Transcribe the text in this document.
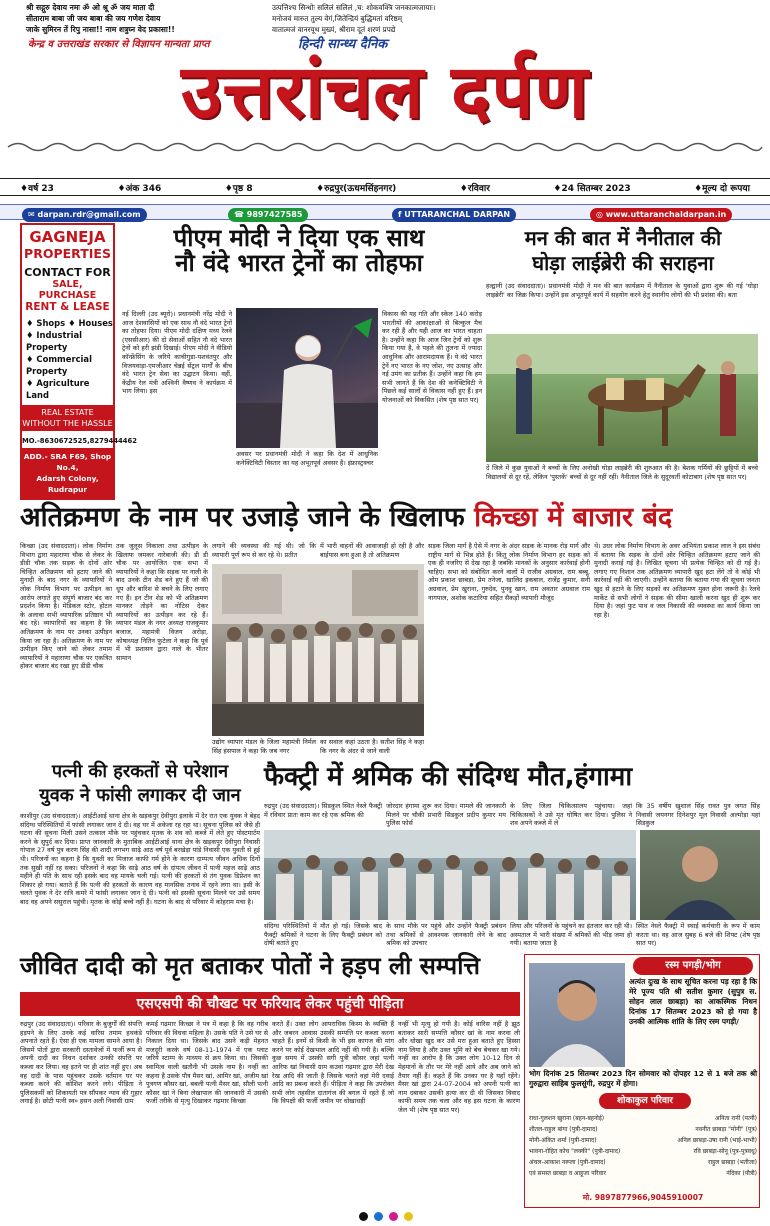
श्री सद्गुरु देवाय नमः ॐ ओ श्रू ॐ जय माता दी
सीताराम बाबा जी जय बाबा की जय गणेश देवाय
जाके सुमिरन तें रिपु नासा!! नाम शत्रुघ्न वेद प्रकासा!!
उत्पत्तिश्च सिन्धोः सलिलं सलिलं ,च: शोकवक्त्रि जनकात्मजायाः।
मनोजवं मारुत तुल्य वेगं,जितेन्द्रियं बुद्धिमतां वरिष्ठम्
वातात्मजं वानरयूथ मुख्यं, श्रीराम दूतं शरणं प्रपद्ये
केन्द्र व उत्तराखंड सरकार से विज्ञापन मान्यता प्राप्त	हिन्दी सान्ध्य दैनिक
उत्तरांचल दर्पण
♦वर्ष 23	♦अंक 346	♦पृष्ठ 8	♦रुद्रपुर(ऊधमसिंहनगर)	♦रविवार	♦24 सितम्बर 2023	♦मूल्य दो रूपया
✉ darpan.rdr@gmail.com	☎ 9897427585	f UTTARANCHAL DARPAN	◎ www.uttaranchaldarpan.in
GAGNEJA
PROPERTIES
CONTACT FOR
SALE, PURCHASE
RENT & LEASE
♦ Shops ♦ Houses
♦ Industrial Property
♦ Commercial Property
♦ Agriculture Land
REAL ESTATE
WITHOUT THE HASSLE
MO.-8630672525,8279444462
ADD.- SRA F69, Shop No.4,
Adarsh Colony, Rudrapur
पीएम मोदी ने दिया एक साथ
नौ वंदे भारत ट्रेनों का तोहफा
नई दिल्ली (उद ब्यूरो)। प्रधानमंत्री नरेंद्र मोदी ने आज देशवासियों को एक साथ नौ वंदे भारत ट्रेनों का तोहफा दिया। पीएम मोदी दक्षिण मध्य रेलवे (एससीआर) की दो सेवाओं सहित नौ वंदे भारत ट्रेनों को हरी झंडी दिखाई। पीएम मोदी ने वीडियो कॉन्फ्रेंसिंग के जरिये काचीगुडा-यशवंतपुर और विजयवाड़ा-एमजीआर चेन्नई सेंट्रल मार्गों के बीच वंदे भारत ट्रेन सेवा का उद्घाटन किया। वहीं, केंद्रीय रेल मंत्री अश्विनी वैष्णव ने कार्यक्रम में भाग लिया। इस
अवसर पर प्रधानमंत्री मोदी ने कहा कि देश में आधुनिक कनेक्टिविटी विस्तार का यह अभूतपूर्व अवसर है। इंफ्रास्ट्रक्चर
विकास की यह गति और स्केल 140 करोड़ भारतीयों की आकांक्षाओं से बिल्कुल मैच कर रही हैं और यही आज का भारत चाहता है। उन्होंने कहा कि आज जिन ट्रेनों को शुरू किया गया है, वे पहले की तुलना में ज्यादा आधुनिक और आरामदायक हैं। ये वंदे भारत ट्रेनें नए भारत के नए जोश, नए उत्साह और नई उमंग का प्रतीक हैं। उन्होंने कहा कि हम सभी जानते हैं कि देश की कनेक्टिविटी ने पिछले कई सालों से विकास नहीं हुए हैं। इन योजनाओं को विकसित (शेष पृष्ठ सात पर)
मन की बात में नैनीताल की
घोड़ा लाईब्रेरी की सराहना
हल्द्वानी (उद संवाददाता)। प्रधानमंत्री मोदी ने मन की बात कार्यक्रम में नैनीताल के युवाओं द्वारा शुरू की गई 'घोड़ा लाइब्रेरी' का जिक्र किया। उन्होंने इस अभूतपूर्व कार्य में सहयोग करने हेतु स्थानीय लोगों की भी प्रशंसा की। बता
दें जिले में कुछ युवाओं ने बच्चों के लिए अनोखी घोड़ा लाइब्रेरी की शुरुआत की है। बेशक गर्मियों की छुट्टियों में बच्चे विद्यालयों से दूर रहें, लेकिन 'पुस्तकें' बच्चों से दूर नहीं रहीं। नैनीताल जिले के सुदूरवर्ती कोटाबाग (शेष पृष्ठ सात पर)
अतिक्रमण के नाम पर उजाड़े जाने के खिलाफ किच्छा में बाजार बंद
किच्छा (उद संवाददाता)। लोक निर्माण विभाग द्वारा महाराणा चौक से लेकर के डीडी चौक तक सड़क के दोनों ओर चिन्हित अतिक्रमण को हटाए जाने की मुनादी के बाद नगर के व्यापारियों ने लोक निर्माण विभाग पर उत्पीड़न का आरोप लगाते हुए संपूर्ण बाजार बंद कर प्रदर्शन किया है। मेडिकल स्टोर, होटल के अलावा सभी व्यापारिक प्रतिष्ठान भी बंद रहे। व्यापारियों का कहना है कि अतिक्रमण के नाम पर उनका उत्पीड़न किया जा रहा है। अतिक्रमण के नाम पर उत्पीड़न किए जाने को लेकर तमाम व्यापारियों ने महाराणा चौक पर एकत्रित होकर बाजार बंद रखा हुए डीडी चौक
तक जुलूस निकाला तथा उत्पीड़न के खिलाफ जमकर नारेबाजी की। डी डी चौक पर आयोजित एक सभा में व्यापारियों ने कहा कि सड़क पर नाली के बाद उनके टीन शेड बने हुए हैं जो की धूप और बारिश से बचने के लिए लगाए गए हैं। इन टीन शेड को भी अतिक्रमण मानकर तोड़ने का नोटिस देकर व्यापारियों का उत्पीड़न कर रहे हैं। व्यापार मंडल के नगर अध्यक्ष राजकुमार बजाज, महामंत्री विजय अरोड़ा, कोषाध्यक्ष नितिन फुटेला ने कहा कि पूर्व में भी प्रशासन द्वारा नाले के भीतर सामान
लगाने की व्यवस्था की गई थी। जो कि व्यापारी पूर्ण रूप से कर रहे थे। प्रतीत
में भारी वाहनों की आवाजाही हो रही है और बाईपास बना हुआ है तो अतिक्रमण
उद्योग व्यापार मंडल के जिला महामंत्री निर्मल सिंह हंसपाल ने कहा कि जब नगर
का सवाल कहां उठता है। सतीश सिंह ने कहा कि नगर के अंदर से जाने वाली
सड़क जिला मार्ग है ऐसे में नगर के अंदर सड़क के मानक रोड़ मार्ग और राष्ट्रीय मार्ग से भिन्न होते हैं। किंतु लोक निर्माण विभाग हर सड़क को एक ही नजरिए से देख रहा है जबकि मानकों के अनुसार कार्रवाई होनी चाहिए। सभा को संबोधित करने वालों में राजीव अग्रवाल, राम बब्बू, ओम प्रकाश छाबड़ा, प्रेम तनेजा, खालिद इकबाल, राजेंद्र कुमार, सनी अग्रवाल, प्रेम खुराना, गुरुदेव, पुनवु खान, राम अवतार अग्रवाल राम नागपाल, अशोक कटारिया सहित सैकड़ों व्यापारी मौजूद
थे। उधर लोक निर्माण विभाग के अवर अभियंता प्रकाश लाल ने इस संबंध में बताया कि सड़क के दोनों ओर चिन्हित अतिक्रमण हटाए जाने की मुनादी कराई गई है। लिखित सूचना भी प्रत्येक चिन्हित को दी गई है। लगाए गए निशान तक अतिक्रमण व्यापारी खुद हटा लेंगे तो वे कोई भी कार्रवाई नहीं की जाएगी। उन्होंने बताया कि बताया गया की सूचना जनता खुद से हटाने के लिए सड़कों का अतिक्रमण मुक्त होना जरूरी है। रेलवे मार्केट से सभी लोगों ने सड़क की सीमा खाली करना खुद ही शुरू कर दिया है। जहां फुट पाथ व जल निकासी की व्यवस्था का कार्य किया जा रहा है।
पत्नी की हरकतों से परेशान
युवक ने फांसी लगाकर दी जान
काशीपुर (उद संवाददाता)। आईटीआई थाना क्षेत्र के खड़कपुर देवीपुरा इलाके में देर रात एक युवक ने बेहद संदिग्ध परिस्थितियों में फांसी लगाकर जान दे दी। वह घर में अकेला रह रहा था। सूचना पुलिस को जैसे ही घटना की सूचना मिली उसने तत्काल मौके पर पहुंचकर मृतक के शव को कब्जे में लेते हुए पोस्टमार्टम करने के सुपुर्द कर दिया। प्राप्त जानकारी के मुताबिक आईटीआई थाना क्षेत्र के खड़कपुर देवीपुरा निवासी गोपाल 27 वर्ष पुत्र करण सिंह की शादी लगभग साढ़े आठ वर्ष पूर्व बरखेड़ा पांडे निवासी एक युवती से हुई थी। परिजनों का कहना है कि युवती का मिजाज काफी गर्म होने के कारण दाम्पत्य जीवन अधिक दिनों तक सुखी नहीं रह सका। परिजनों ने कहा कि साढ़े आठ वर्ष के दांपत्य जीवन में पत्नी महज साढ़े आठ महीने ही पति के साथ रही इसके बाद वह मायके चली गई। पत्नी की हरकतों से तंग युवक डिप्रेशन का शिकार हो गया। बताते हैं कि पत्नी की हरकतों के कारण वह मानसिक तनाव में रहने लगा था। इसी के चलते युवक ने देर रात्रि कमरे में फांसी लगाकर जान दे दी। पत्नी को इसकी सूचना मिलने पर उसे समय बाद वह अपने ससुराल पहुंची। मृतक के कोई बच्चे नहीं हैं। घटना के बाद से परिवार में कोहराम मचा है।
फैक्ट्री में श्रमिक की संदिग्ध मौत,हंगामा
रुद्रपुर (उद संवाददाता)। सिडकुल स्थित नेस्ले फैक्ट्री में रविवार प्रातः काम कर रहे एक श्रमिक की
जोरदार हंगामा शुरू कर दिया। मामले की जानकारी मिलने पर चौकी प्रभारी सिडकुल प्रदीप कुमार मय पुलिस फोर्स
के लिए जिला चिकित्सालय पहुंचाया। जहां चिकित्सकों ने उसे मृत घोषित कर दिया। पुलिस ने शव अपने कब्जे में ले
कि 35 वर्षीय खुशाल सिंह रावत पुत्र जगत सिंह निवासी जयनगर दिनेशपुर मूल निवासी अल्मोड़ा यहां सिडकुल
संदिग्ध परिस्थितियों में मौत हो गई। जिसके बाद फैक्ट्री श्रमिकों ने घटना के लिए फैक्ट्री प्रबंधन को दोषी बताते हुए
के साथ मौके पर पहुंचे और उन्होंने फैक्ट्री प्रबंधन तथा श्रमिकों से आवश्यक जानकारी लेने के बाद श्रमिक को उपचार
लिया और परिजनों के पहुंचने का इंतजार कर रही थी। अस्पताल में भारी संख्या में श्रमिकों की भीड़ जमा हो गयी। बताया जाता है
स्थित नेस्ले फैक्ट्री में स्थाई कर्मचारी के रूप में काम करता था। वह आज सुबह 6 बजे की शिफ्ट (शेष पृष्ठ सात पर)
जीवित दादी को मृत बताकर पोतों ने हड़प ली सम्पत्ति
एसएसपी की चौखट पर फरियाद लेकर पहुंची पीड़िता
रुद्रपुर (उद संवाददाता)। परिवार के बुजुर्गों की संपत्ति हड़पने के लिए उनके कई वारिस तमाम हथकंडे अपनाते रहते हैं। ऐसा ही एक मामला सामने आया है। जिसमें पोतों द्वारा सरकारी दस्तावेजों में फर्जी रूप से अपनी दादी का निधन दर्शाकर उनकी संपत्ति पर कब्जा कर लिया। वह इतने पर ही शांत नहीं हुए। अब वह दादी के पास पहुंचकर उसके वर्तमान घर पर कब्जा करने की कोशिश करने लगे। पीड़िता ने पुलिसकर्मी को शिकायती पत्र सौंपकर न्याय की गुहार लगाई है। छोटी पत्नी स्व० हसन अली निवासी ग्राम
कमई गढ़मार किच्छा ने पत्र में कहा है कि वह गरीब परिवार की विधवा महिला है। उसके पति ने उसे घर से निकाल दिया था। जिसके बाद उसने कड़ी मेहनत मजदूरी करके वर्ष 08-11-1974 में एक प्लाट जरिये स्टाम्प के माध्यम से क्रय किया था। जिसकी स्वामित्व वाली खतौनी भी उसके नाम है। नन्हीं का कहना है उसके पौत्र मैसर खां, आमिर खां, अजीम खां पुत्रगण कौसर खां, बबली पत्नी मैसर खां, सौली पत्नी कौसर खां ने बिना लेखापाल की जानकारी में उसकी फर्जी तरीके से मृत्यु दिखाकर गढ़मार किच्छा
करते हैं। उक्त लोग आपराधिक किस्म के व्यक्ति हैं और जबरन आवास उसकी सम्पत्ति पर कब्जा करना चाहते हैं। इनमें से किसी के भी इस कागज की मांग करने पर कोई देखभाल आदि नहीं की गयी है। बल्कि कुछ समय में उसकी सगी पुत्री कौसर जहां पत्नी आरिफ खां निवासी ग्राम कउवां गढ़मार द्वारा मेरी देख रेख आदि की जाती है जिसके चलते वहां मेरी दवाई आदि का प्रबन्ध करते हैं। पीड़िता ने कहा कि उपरोक्त सभी लोग तहसील दातागंज की बगल में रहते हैं जो कि विपक्षी की फर्जी जमीन पर धोखाधड़ी
नन्हीं भी मृत्यु हो गयी है। कोई वारिस नहीं है झूठ बताकर सारी सम्पत्ति कौसर खां के नाम करवा ली और धोखा खुद कर उसे मरा हुआ बताते हुए हिस्सा नाम लिया है और उक्त भूमि को बेच बेचकर खा गये। नन्हीं का आरोप है कि उक्त लोग 10-12 दिन से मेहमानों के तौर पर मेरे नहीं आये और अब जाने को तैयार नहीं हैं। कहते हैं कि उनका घर है यहाँ रहेंगे। मैसर खां द्वारा 24-07-2004 को अपनी पत्नी का नाम दबाकर उसकी हत्या कर दी थी जिसका विवाद काफी समय तक चला और वह इस घटना के कारण जेल भी (शेष पृष्ठ सात पर)
रस्म पगड़ी/भोग
अत्यंत दुःख के साथ सूचित करना पड़ रहा है कि मेरे पूज्य पति श्री सतीश कुमार (सुपुत्र स. सोहन लाल छाबड़ा) का आकस्मिक निधन दिनांक 17 सितम्बर 2023 को हो गया है उनकी आत्मिक शांति के लिए रस्म पगड़ी/
भोग दिनांक 25 सितम्बर 2023 दिन सोमवार को दोपहर 12 से 1 बजे तक श्री गुरुद्वारा साहिब फुलसुंगी, रुद्रपुर में होगा।
शोकाकुल परिवार
राधा-गुलशन खुराना (बहन-बहनोई)
शीतल-राहुल बांगा (पुत्री-दामाद)
मोनी-अंकित शर्मा (पुत्री-दामाद)
भावना-रोहित कोच "लक्की" (पुत्री-दामाद)
अंचल-आकाश नरूला (पुत्री-दामाद)
एवं समस्त छाबड़ा व आहूजा परिवार
अनिता रानी (पत्नी)
नवनीत छाबड़ा "मोनी" (पुत्र)
अनिल छाबड़ा-उषा रानी (भाई-भाभी)
रवि छाबड़ा-सोनू (पुत्र-पुत्रवधू)
राहुल छाबड़ा (भतीजा)
नंदिका (पौत्री)
मो. 9897877966,9045910007
